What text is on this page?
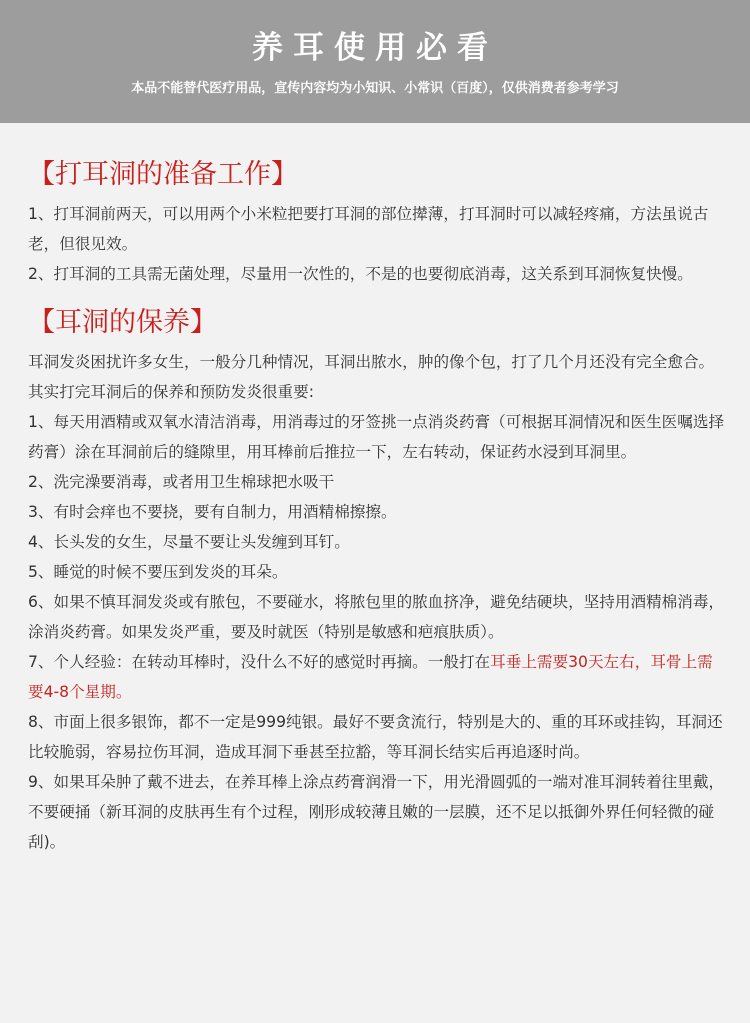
养耳使用必看
本品不能替代医疗用品，宣传内容均为小知识、小常识（百度），仅供消费者参考学习
【打耳洞的准备工作】

1、打耳洞前两天，可以用两个小米粒把要打耳洞的部位撵薄，打耳洞时可以减轻疼痛，方法虽说古老，但很见效。

2、打耳洞的工具需无菌处理，尽量用一次性的，不是的也要彻底消毒，这关系到耳洞恢复快慢。

【耳洞的保养】

耳洞发炎困扰许多女生，一般分几种情况，耳洞出脓水，肿的像个包，打了几个月还没有完全愈合。其实打完耳洞后的保养和预防发炎很重要:

1、每天用酒精或双氧水清洁消毒，用消毒过的牙签挑一点消炎药膏（可根据耳洞情况和医生医嘱选择药膏）涂在耳洞前后的缝隙里，用耳棒前后推拉一下，左右转动，保证药水浸到耳洞里。

2、洗完澡要消毒，或者用卫生棉球把水吸干

3、有时会痒也不要挠，要有自制力，用酒精棉擦擦。

4、长头发的女生，尽量不要让头发缠到耳钉。

5、睡觉的时候不要压到发炎的耳朵。

6、如果不慎耳洞发炎或有脓包，不要碰水，将脓包里的脓血挤净，避免结硬块，坚持用酒精棉消毒，涂消炎药膏。如果发炎严重，要及时就医（特别是敏感和疤痕肤质）。

7、个人经验：在转动耳棒时，没什么不好的感觉时再摘。一般打在耳垂上需要30天左右，耳骨上需要4-8个星期。

8、市面上很多银饰，都不一定是999纯银。最好不要贪流行，特别是大的、重的耳环或挂钩，耳洞还比较脆弱，容易拉伤耳洞，造成耳洞下垂甚至拉豁，等耳洞长结实后再追逐时尚。

9、如果耳朵肿了戴不进去，在养耳棒上涂点药膏润滑一下，用光滑圆弧的一端对准耳洞转着往里戴，不要硬捅（新耳洞的皮肤再生有个过程，刚形成较薄且嫩的一层膜，还不足以抵御外界任何轻微的碰刮)。
